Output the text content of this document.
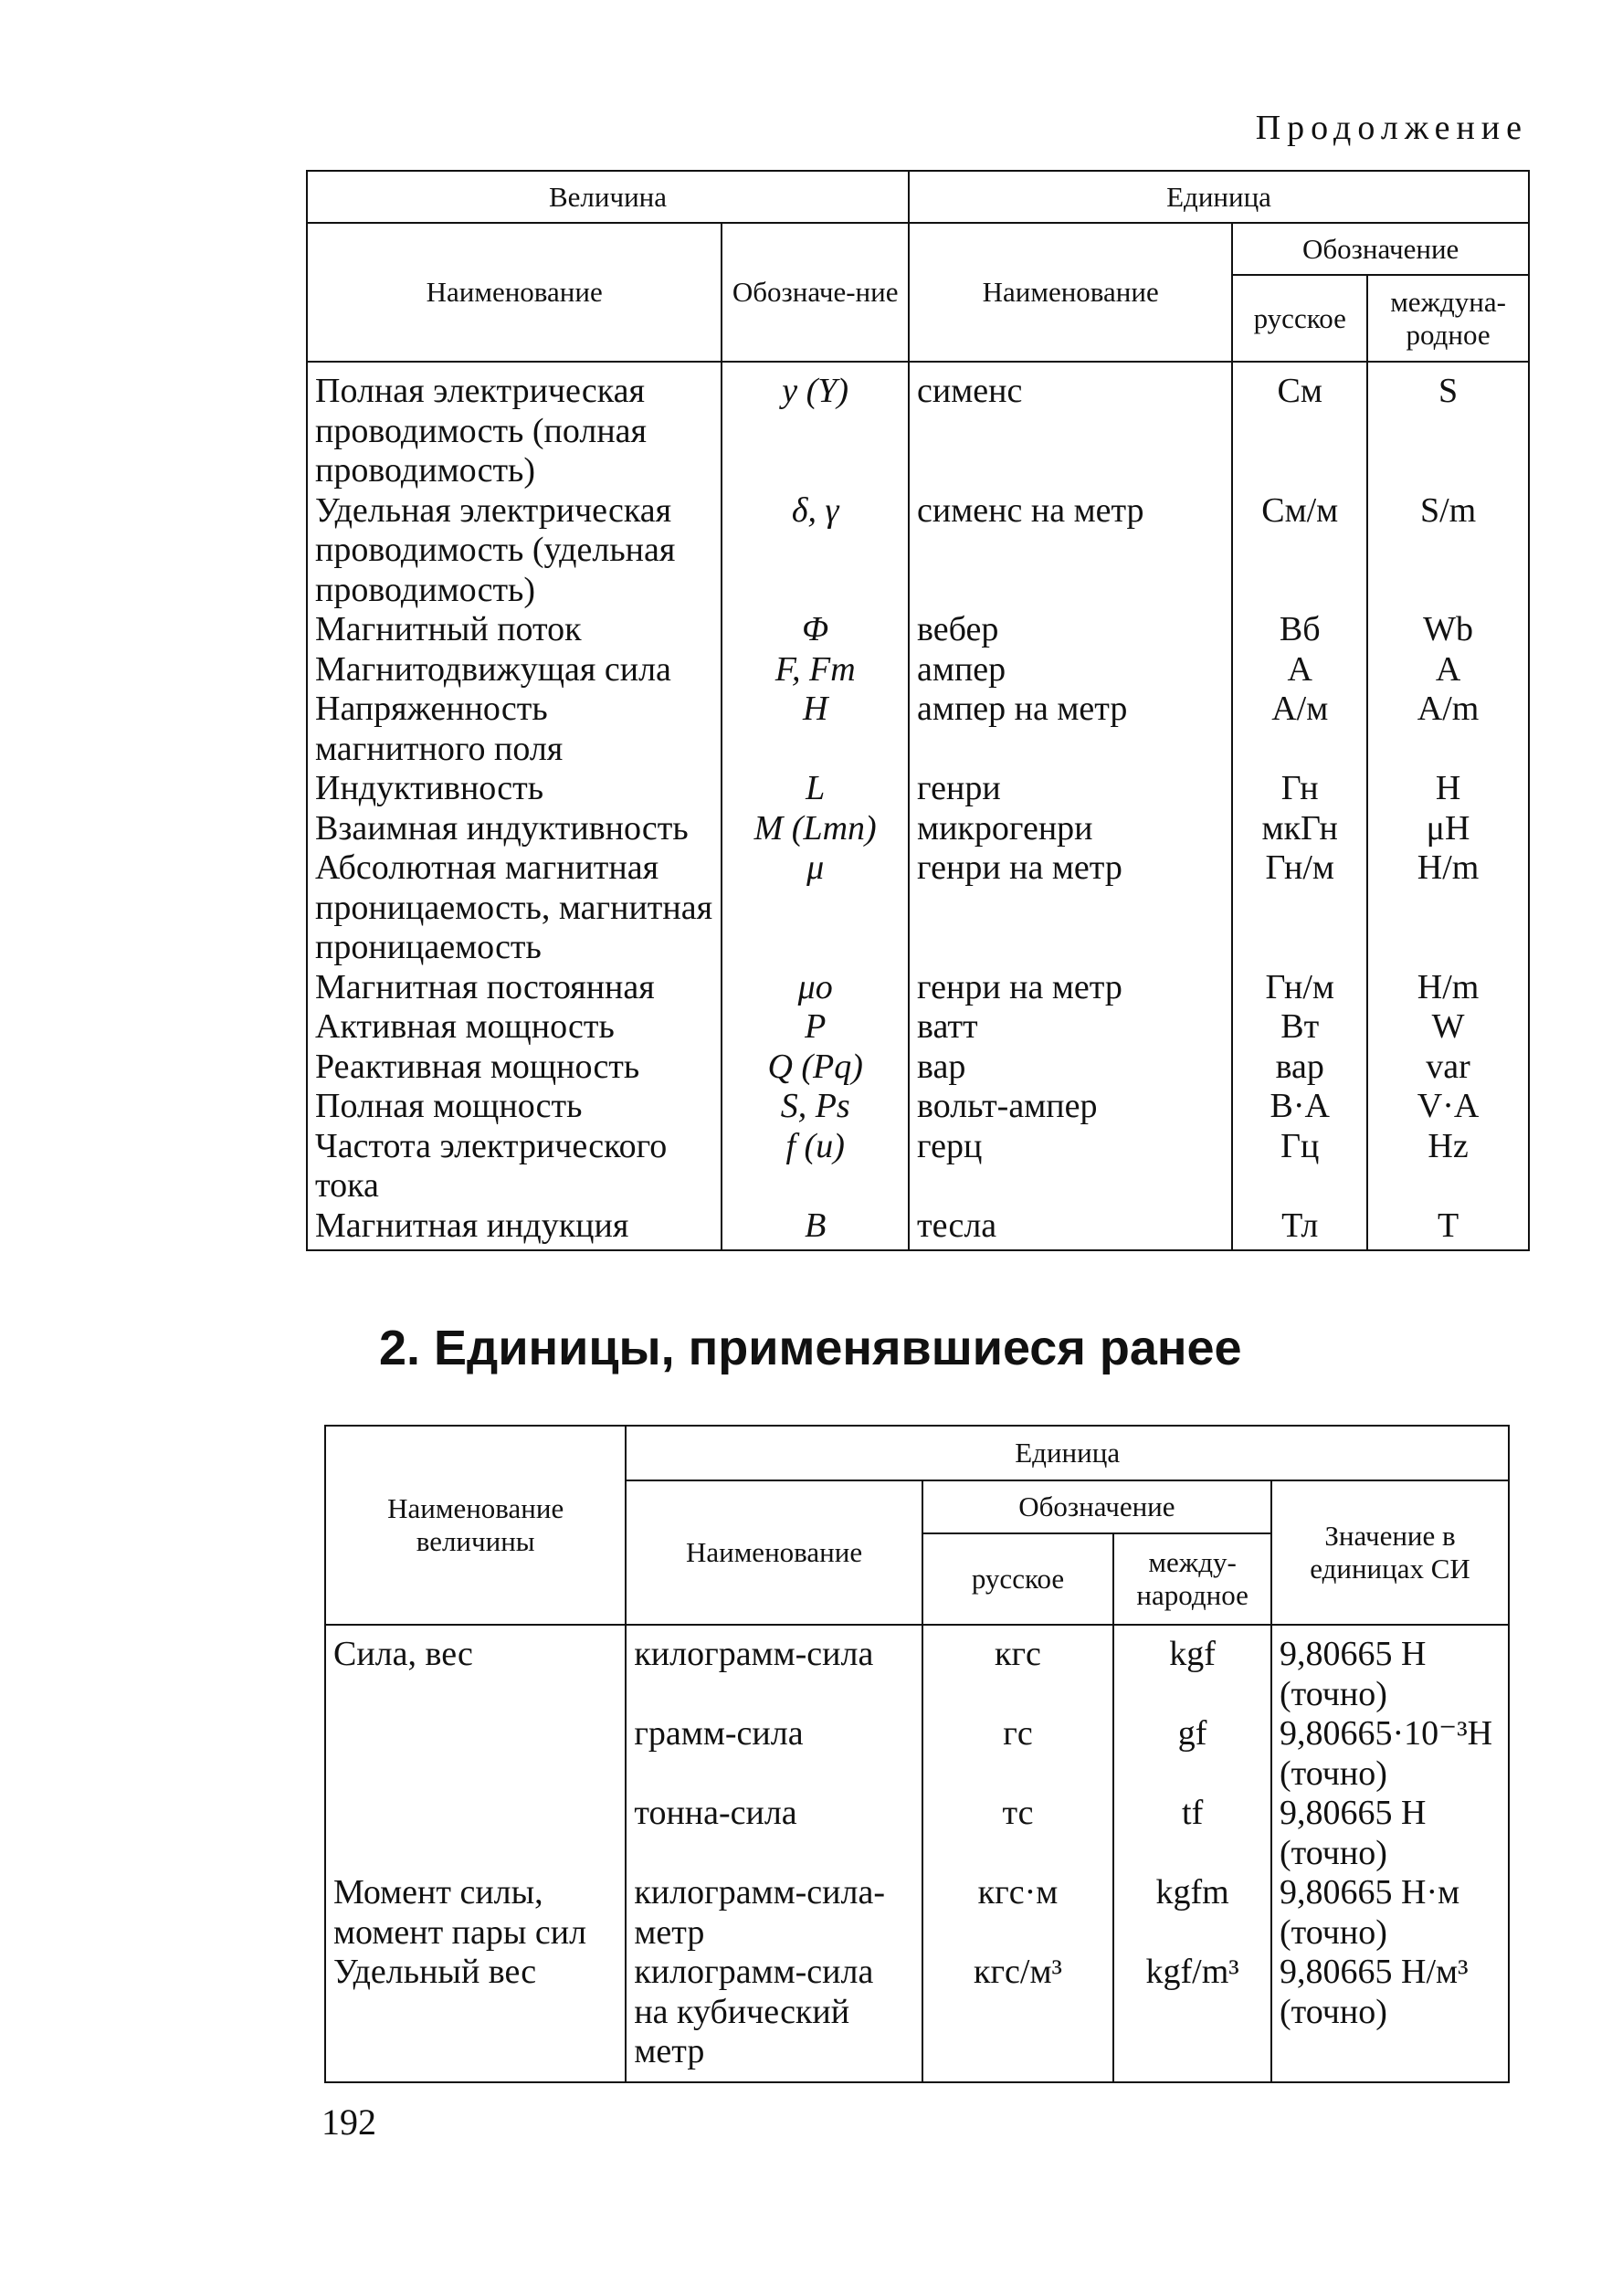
Продолжение
Величина		Единица		
Наименование	Обозначе-ние	Наименование	Обозначение	
			русское	междуна-родное
Полная электрическая проводимость (полная проводимость)	y (Y)	сименс	См	S
Удельная электрическая проводимость (удельная проводимость)	δ, γ	сименс на метр	См/м	S/m
Магнитный поток	Φ	вебер	Вб	Wb
Магнитодвижущая сила	F, Fm	ампер	А	A
Напряженность магнитного поля	H	ампер на метр	А/м	A/m
Индуктивность	L	генри	Гн	H
Взаимная индуктивность	M (Lmn)	микрогенри	мкГн	μH
Абсолютная магнитная проницаемость, магнитная проницаемость	μ	генри на метр	Гн/м	H/m
Магнитная постоянная	μo	генри на метр	Гн/м	H/m
Активная мощность	P	ватт	Вт	W
Реактивная мощность	Q (Pq)	вар	вар	var
Полная мощность	S, Ps	вольт-ампер	В·А	V·A
Частота электрического тока	f (u)	герц	Гц	Hz
Магнитная индукция	B	тесла	Тл	T
2. Единицы, применявшиеся ранее
Наименование величины	Единица			
	Наименование	Обозначение		Значение в единицах СИ
		русское	между-народное	
Сила, вес	килограмм-сила	кгс	kgf	9,80665 Н (точно)
	грамм-сила	гс	gf	9,80665·10⁻³Н (точно)
	тонна-сила	тс	tf	9,80665 Н (точно)
Момент силы, момент пары сил	килограмм-сила-метр	кгс·м	kgfm	9,80665 Н·м (точно)
Удельный вес	килограмм-сила на кубический метр	кгс/м³	kgf/m³	9,80665 Н/м³ (точно)
192
